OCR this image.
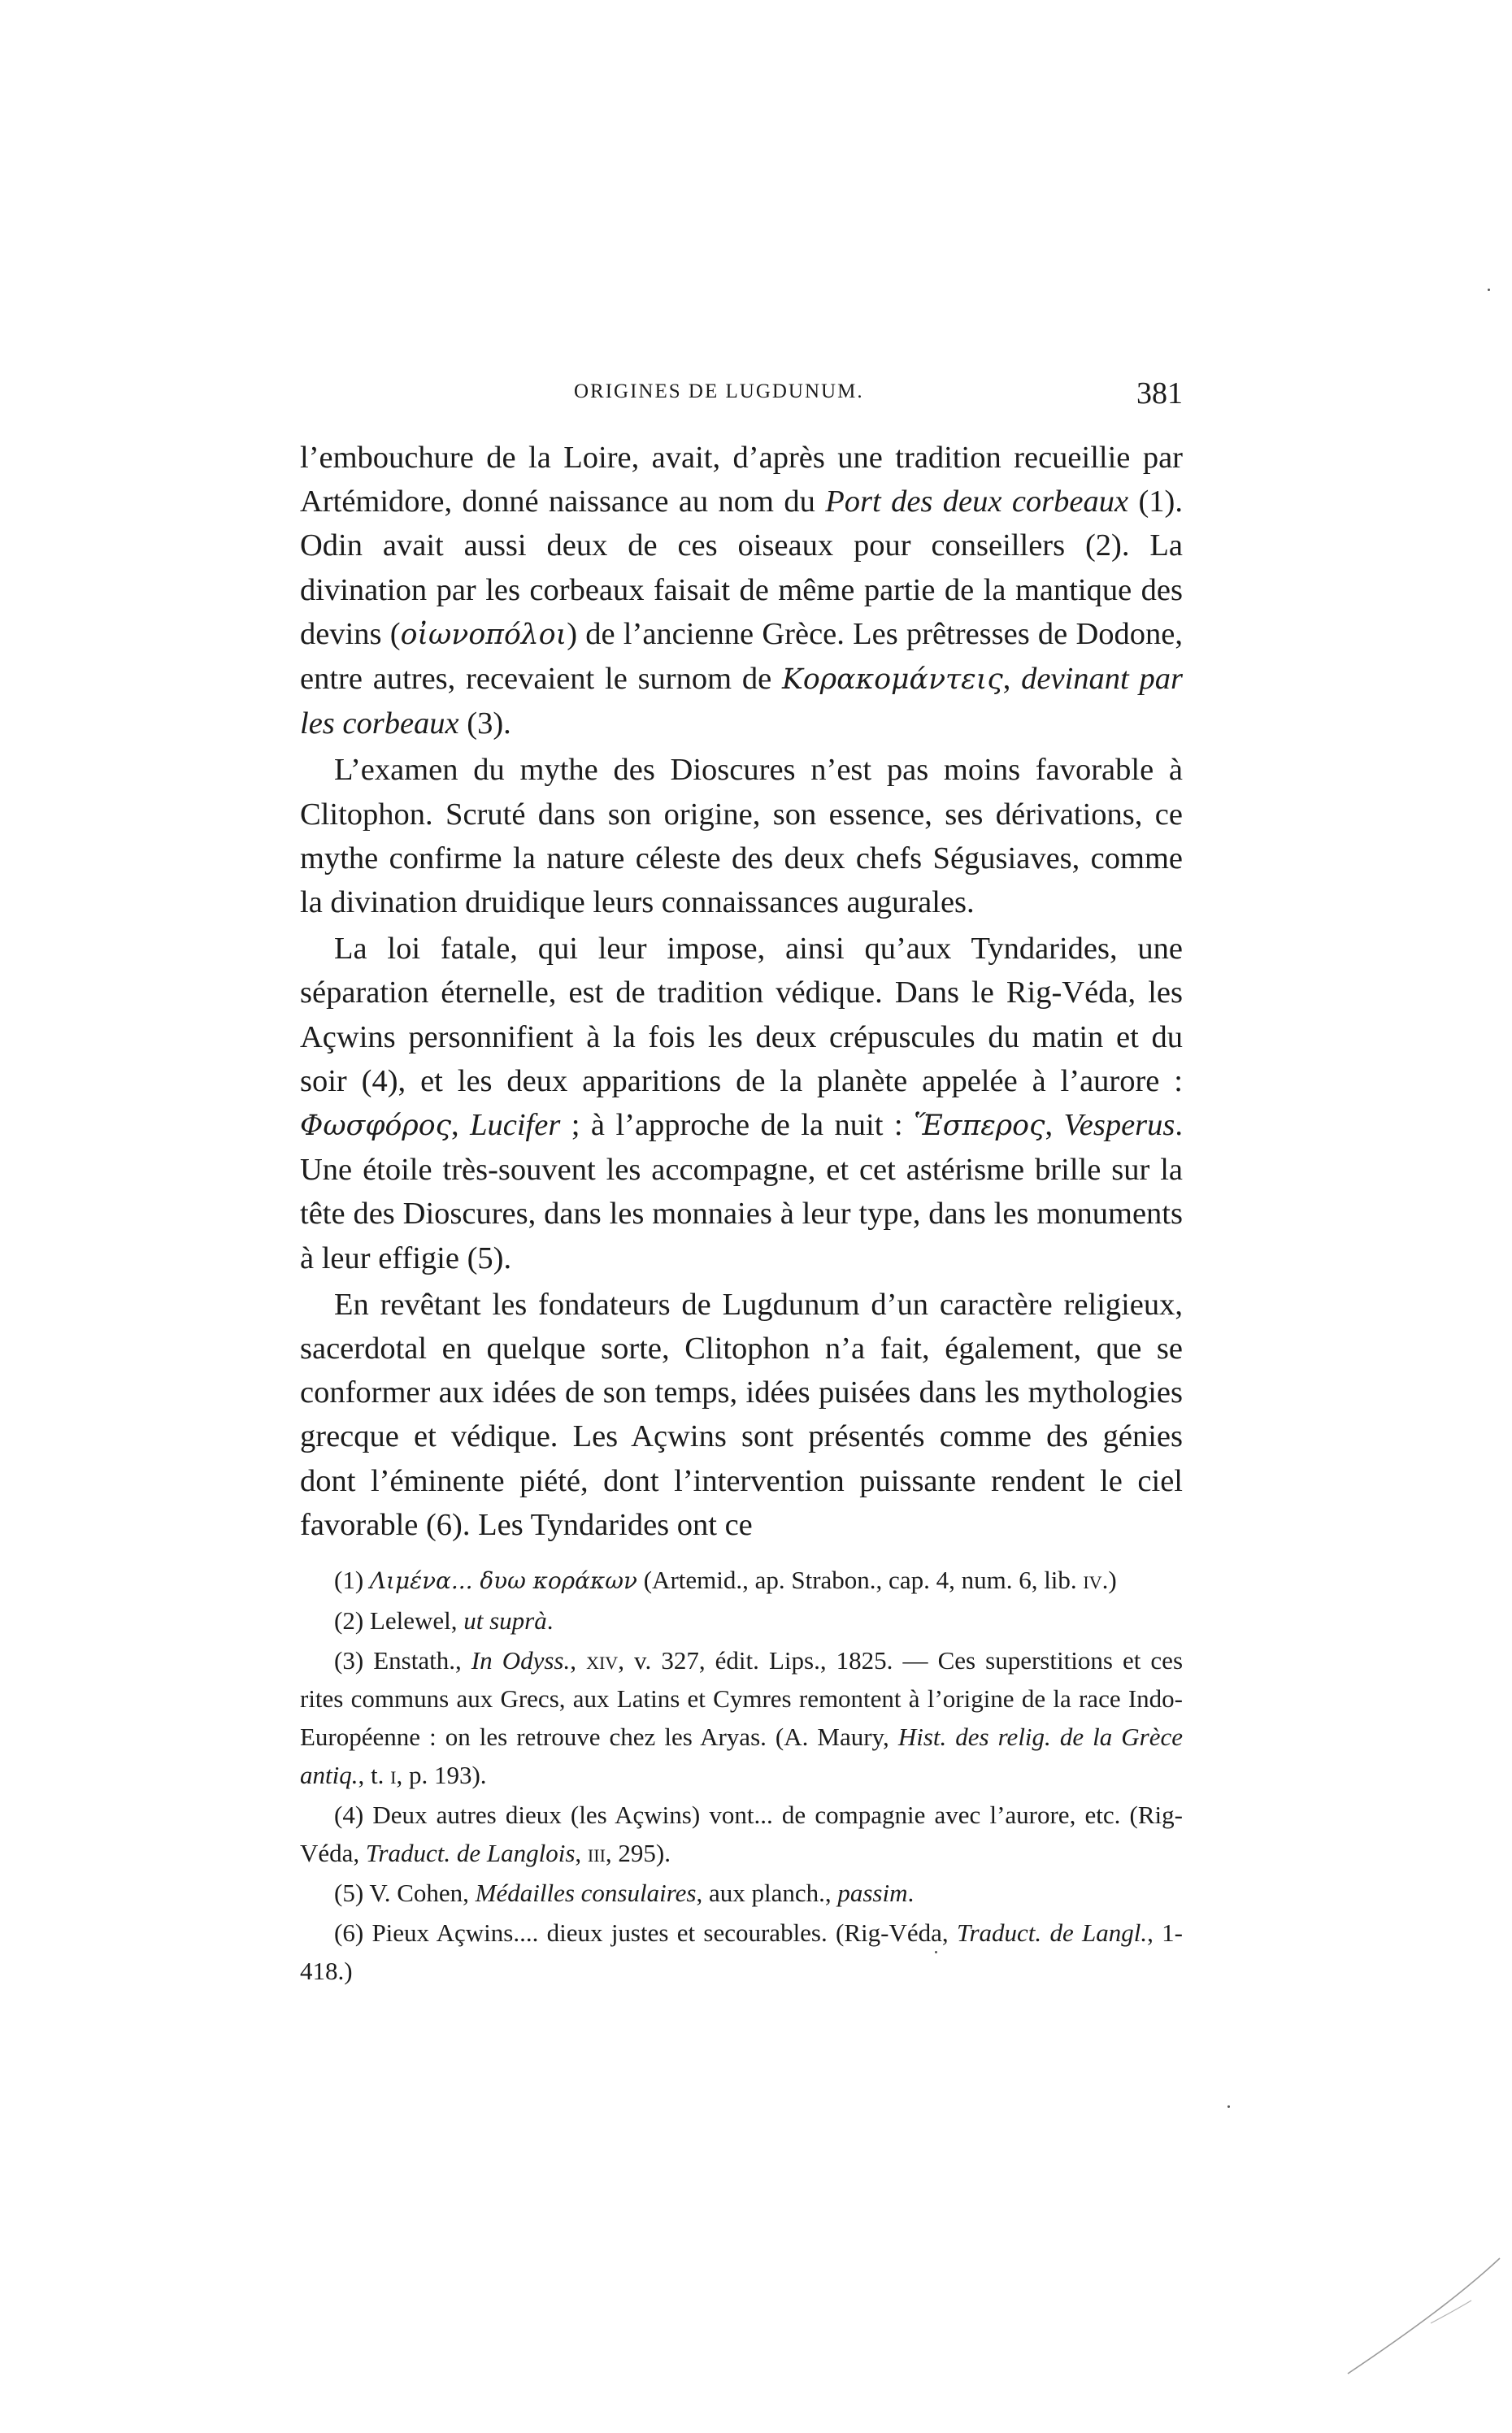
ORIGINES DE LUGDUNUM.	381

l’embouchure de la Loire, avait, d’après une tradition recueillie par Artémidore, donné naissance au nom du Port des deux corbeaux (1). Odin avait aussi deux de ces oiseaux pour conseillers (2). La divination par les corbeaux faisait de même partie de la mantique des devins (οἰωνοπόλοι) de l’ancienne Grèce. Les prêtresses de Dodone, entre autres, recevaient le surnom de Κορακομάντεις, devinant par les corbeaux (3).

L’examen du mythe des Dioscures n’est pas moins favorable à Clitophon. Scruté dans son origine, son essence, ses dérivations, ce mythe confirme la nature céleste des deux chefs Ségusiaves, comme la divination druidique leurs connaissances augurales.

La loi fatale, qui leur impose, ainsi qu’aux Tyndarides, une séparation éternelle, est de tradition védique. Dans le Rig-Véda, les Açwins personnifient à la fois les deux crépuscules du matin et du soir (4), et les deux apparitions de la planète appelée à l’aurore : Φωσφόρος, Lucifer ; à l’approche de la nuit : Ἕσπερος, Vesperus. Une étoile très-souvent les accompagne, et cet astérisme brille sur la tête des Dioscures, dans les monnaies à leur type, dans les monuments à leur effigie (5).

En revêtant les fondateurs de Lugdunum d’un caractère religieux, sacerdotal en quelque sorte, Clitophon n’a fait, également, que se conformer aux idées de son temps, idées puisées dans les mythologies grecque et védique. Les Açwins sont présentés comme des génies dont l’éminente piété, dont l’intervention puissante rendent le ciel favorable (6). Les Tyndarides ont ce

(1) Λιμένα... δυω κοράκων (Artemid., ap. Strabon., cap. 4, num. 6, lib. iv.)

(2) Lelewel, ut suprà.

(3) Enstath., In Odyss., xiv, v. 327, édit. Lips., 1825. — Ces superstitions et ces rites communs aux Grecs, aux Latins et Cymres remontent à l’origine de la race Indo-Européenne : on les retrouve chez les Aryas. (A. Maury, Hist. des relig. de la Grèce antiq., t. i, p. 193).

(4) Deux autres dieux (les Açwins) vont... de compagnie avec l’aurore, etc. (Rig-Véda, Traduct. de Langlois, iii, 295).

(5) V. Cohen, Médailles consulaires, aux planch., passim.

(6) Pieux Açwins.... dieux justes et secourables. (Rig-Véda, Traduct. de Langl., 1-418.)
